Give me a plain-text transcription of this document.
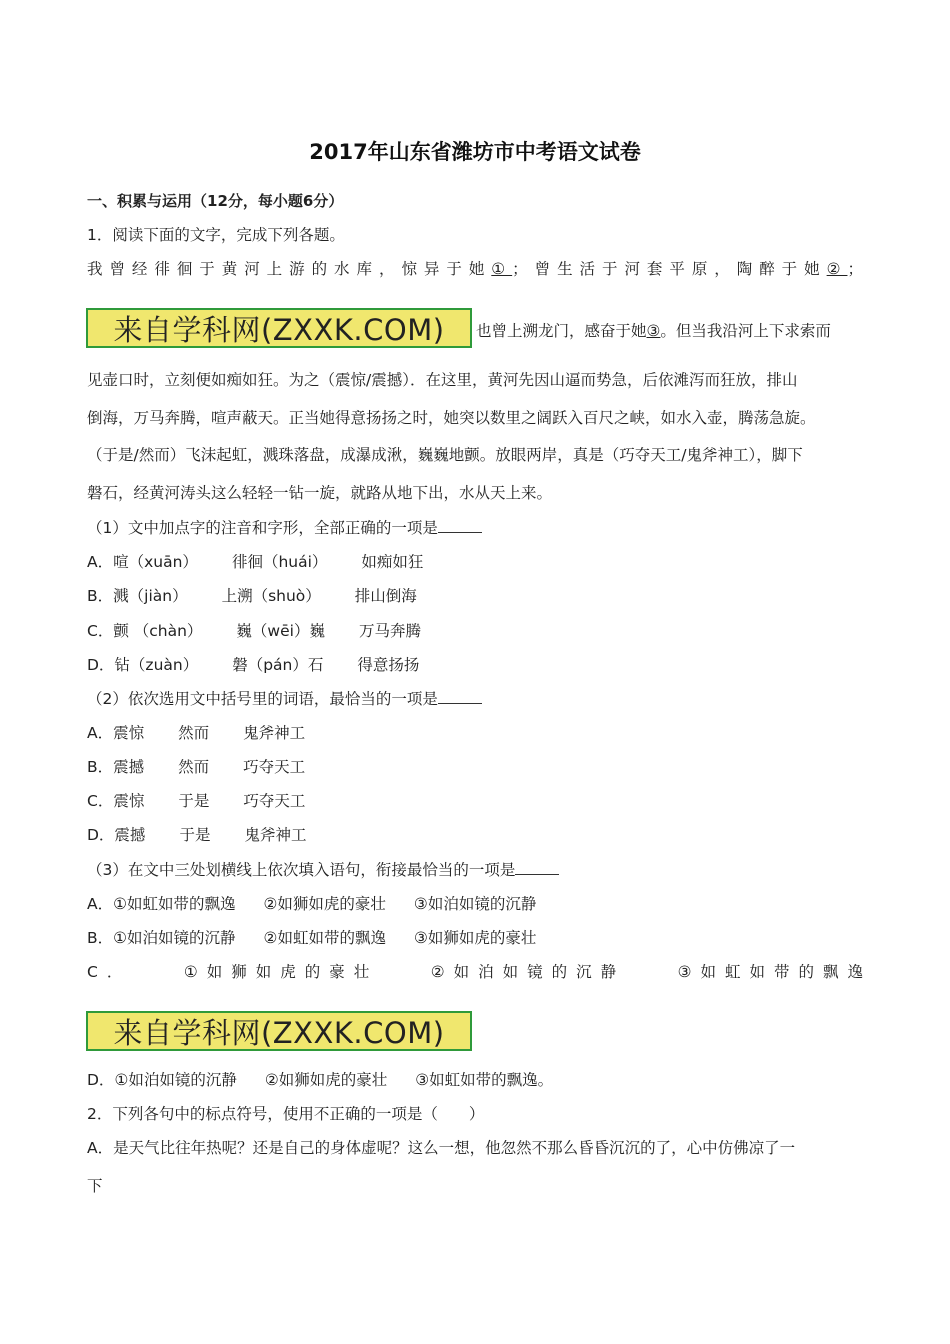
2017年山东省潍坊市中考语文试卷
一、积累与运用（12分，每小题6分）
1．阅读下面的文字，完成下列各题。
我曾经徘徊于黄河上游的水库，惊异于她①；曾生活于河套平原，陶醉于她②；
来自学科网(ZXXK.COM)	也曾上溯龙门，感奋于她③。但当我沿河上下求索而
见壶口时，立刻便如痴如狂。为之（震惊/震撼）．在这里，黄河先因山逼而势急，后依滩泻而狂放，排山
倒海，万马奔腾，喧声蔽天。正当她得意扬扬之时，她突以数里之阔跃入百尺之峡，如水入壶，腾荡急旋。
（于是/然而）飞沫起虹，溅珠落盘，成瀑成湫，巍巍地颤。放眼两岸，真是（巧夺天工/鬼斧神工），脚下
磐石，经黄河涛头这么轻轻一钻一旋，就路从地下出，水从天上来。
（1）文中加点字的注音和字形，全部正确的一项是
A．喧（xuān） 徘徊（huái） 如痴如狂
B．溅（jiàn） 上溯（shuò） 排山倒海
C．颤 （chàn） 巍（wēi）巍 万马奔腾
D．钻（zuàn） 磐（pán）石 得意扬扬
（2）依次选用文中括号里的词语，最恰当的一项是
A．震惊 然而 鬼斧神工
B．震撼 然而 巧夺天工
C．震惊 于是 巧夺天工
D．震撼 于是 鬼斧神工
（3）在文中三处划横线上依次填入语句，衔接最恰当的一项是
A．①如虹如带的飘逸 ②如狮如虎的豪壮 ③如泊如镜的沉静
B．①如泊如镜的沉静 ②如虹如带的飘逸 ③如狮如虎的豪壮
C．	①如狮如虎的豪壮	②如泊如镜的沉静	③如虹如带的飘逸
来自学科网(ZXXK.COM)
D．①如泊如镜的沉静 ②如狮如虎的豪壮 ③如虹如带的飘逸。
2．下列各句中的标点符号，使用不正确的一项是（　　）
A．是天气比往年热呢？还是自己的身体虚呢？这么一想，他忽然不那么昏昏沉沉的了，心中仿佛凉了一
下
